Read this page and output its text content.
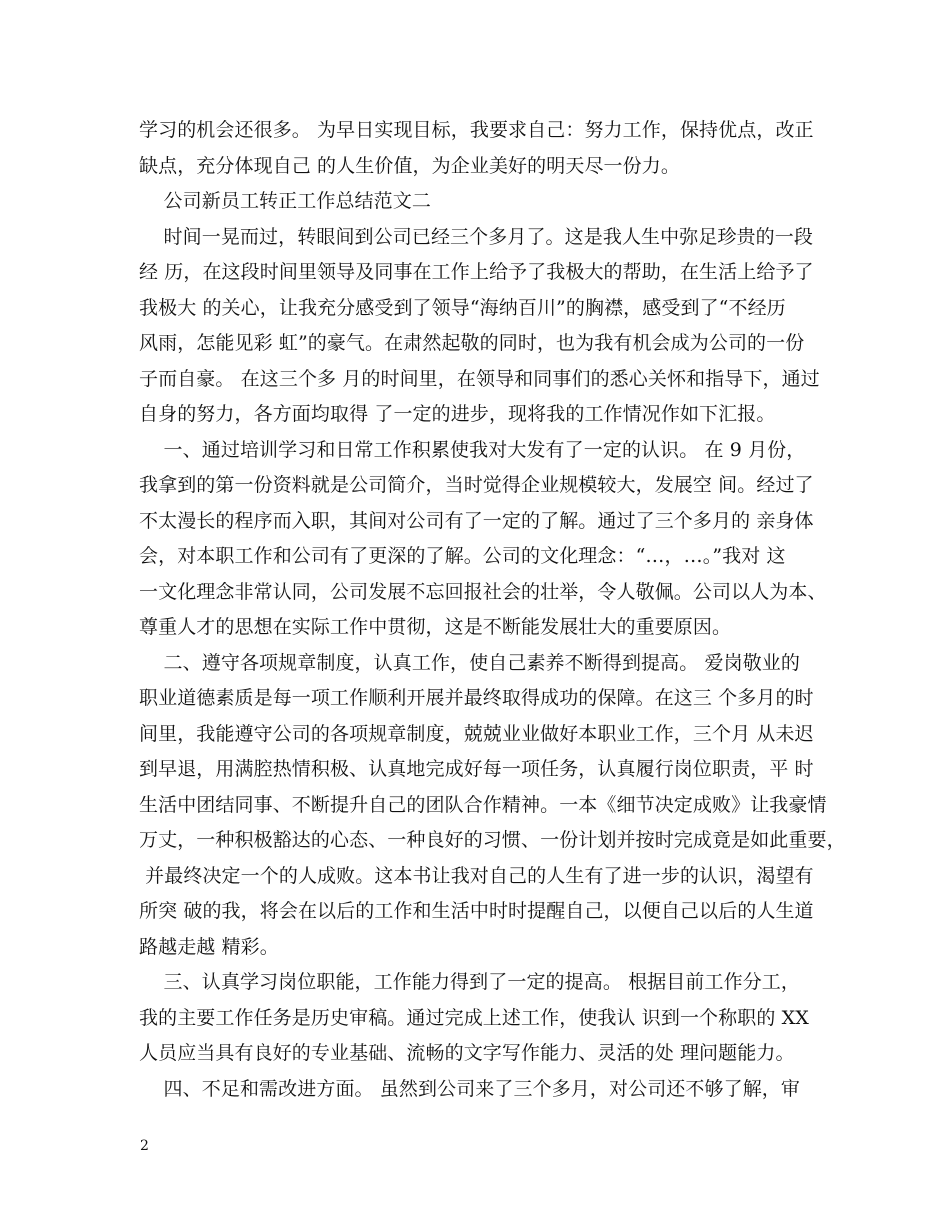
学习的机会还很多。 为早日实现目标，我要求自己：努力工作，保持优点，改正
缺点，充分体现自己 的人生价值，为企业美好的明天尽一份力。
公司新员工转正工作总结范文二
时间一晃而过，转眼间到公司已经三个多月了。这是我人生中弥足珍贵的一段
经 历，在这段时间里领导及同事在工作上给予了我极大的帮助，在生活上给予了
我极大 的关心，让我充分感受到了领导“海纳百川”的胸襟，感受到了“不经历
风雨，怎能见彩 虹”的豪气。在肃然起敬的同时，也为我有机会成为公司的一份
子而自豪。 在这三个多 月的时间里，在领导和同事们的悉心关怀和指导下，通过
自身的努力，各方面均取得 了一定的进步，现将我的工作情况作如下汇报。
一、通过培训学习和日常工作积累使我对大发有了一定的认识。 在 9 月份，
我拿到的第一份资料就是公司简介，当时觉得企业规模较大，发展空 间。经过了
不太漫长的程序而入职，其间对公司有了一定的了解。通过了三个多月的 亲身体
会，对本职工作和公司有了更深的了解。公司的文化理念：“…，…。”我对 这
一文化理念非常认同，公司发展不忘回报社会的壮举，令人敬佩。公司以人为本、
尊重人才的思想在实际工作中贯彻，这是不断能发展壮大的重要原因。
二、遵守各项规章制度，认真工作，使自己素养不断得到提高。 爱岗敬业的
职业道德素质是每一项工作顺利开展并最终取得成功的保障。在这三 个多月的时
间里，我能遵守公司的各项规章制度，兢兢业业做好本职业工作，三个月 从未迟
到早退，用满腔热情积极、认真地完成好每一项任务，认真履行岗位职责，平 时
生活中团结同事、不断提升自己的团队合作精神。一本《细节决定成败》让我豪情
万丈，一种积极豁达的心态、一种良好的习惯、一份计划并按时完成竟是如此重要，
并最终决定一个的人成败。这本书让我对自己的人生有了进一步的认识，渴望有
所突 破的我，将会在以后的工作和生活中时时提醒自己，以便自己以后的人生道
路越走越 精彩。
三、认真学习岗位职能，工作能力得到了一定的提高。 根据目前工作分工，
我的主要工作任务是历史审稿。通过完成上述工作，使我认 识到一个称职的 XX
人员应当具有良好的专业基础、流畅的文字写作能力、灵活的处 理问题能力。
四、不足和需改进方面。 虽然到公司来了三个多月，对公司还不够了解，审
2
